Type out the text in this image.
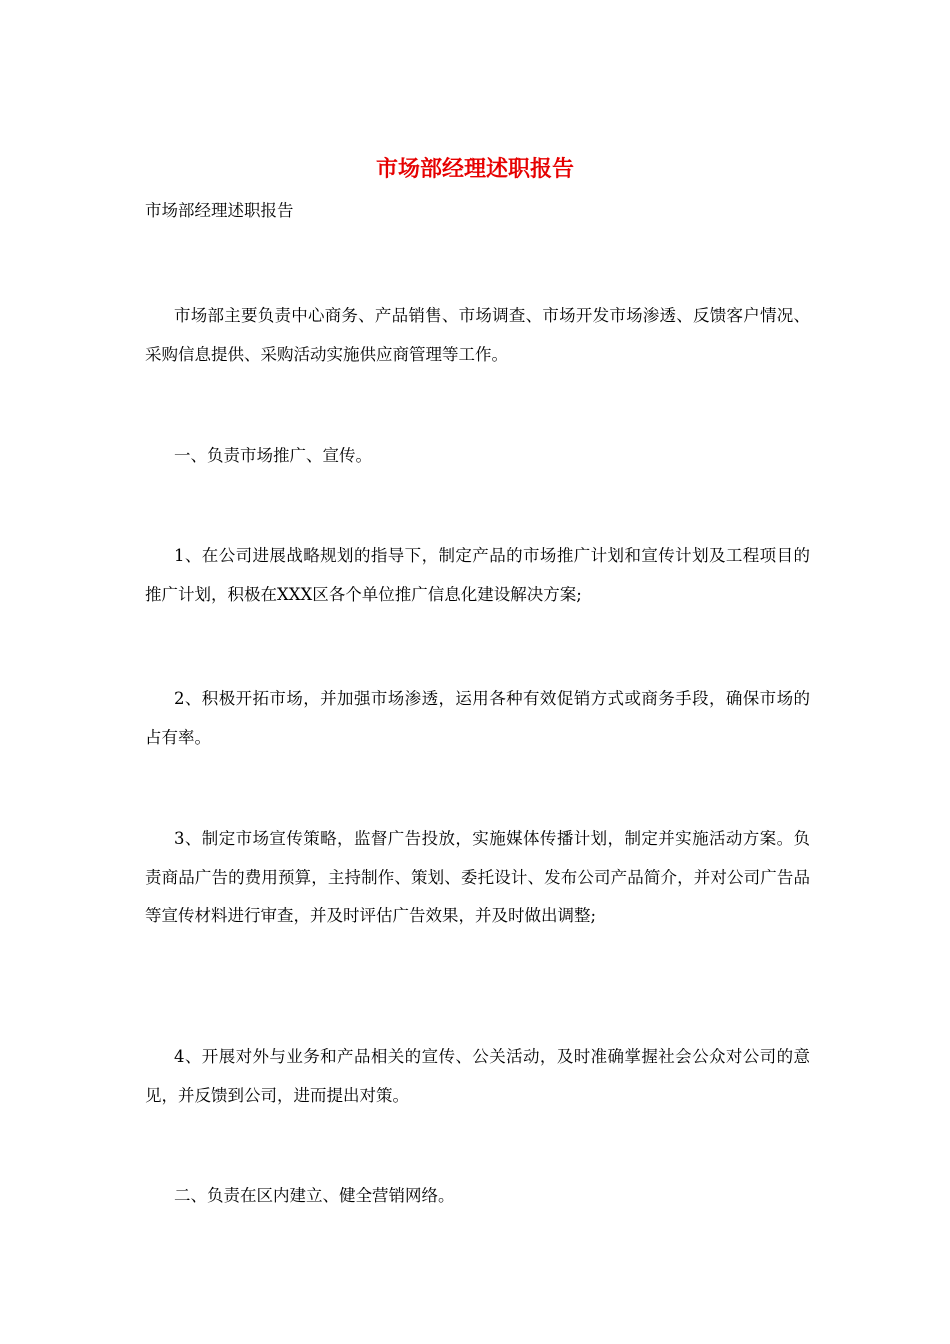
市场部经理述职报告
市场部经理述职报告
市场部主要负责中心商务、产品销售、市场调查、市场开发市场渗透、反馈客户情况、采购信息提供、采购活动实施供应商管理等工作。
一、负责市场推广、宣传。
1、在公司进展战略规划的指导下，制定产品的市场推广计划和宣传计划及工程项目的推广计划，积极在XXX区各个单位推广信息化建设解决方案;
2、积极开拓市场，并加强市场渗透，运用各种有效促销方式或商务手段，确保市场的占有率。
3、制定市场宣传策略，监督广告投放，实施媒体传播计划，制定并实施活动方案。负责商品广告的费用预算，主持制作、策划、委托设计、发布公司产品简介，并对公司广告品等宣传材料进行审查，并及时评估广告效果，并及时做出调整;
4、开展对外与业务和产品相关的宣传、公关活动，及时准确掌握社会公众对公司的意见，并反馈到公司，进而提出对策。
二、负责在区内建立、健全营销网络。
